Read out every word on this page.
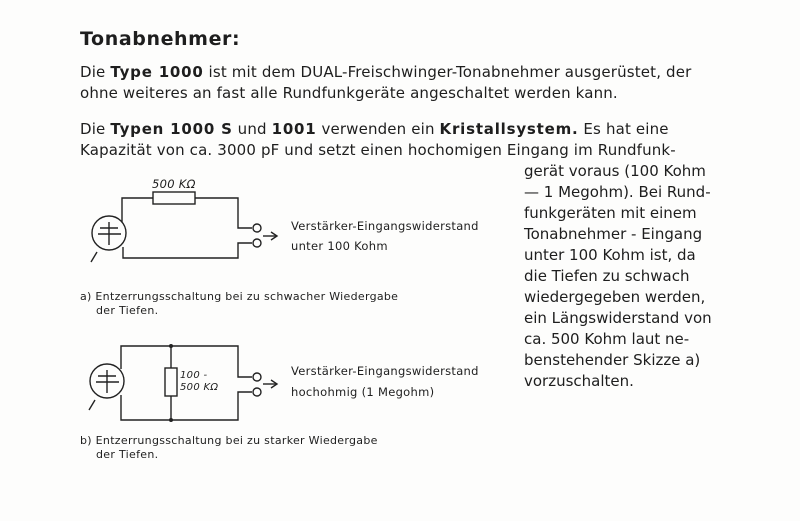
Tonabnehmer:
Die Type 1000 ist mit dem DUAL-Freischwinger-Tonabnehmer ausgerüstet, der
ohne weiteres an fast alle Rundfunkgeräte angeschaltet werden kann.
Die Typen 1000 S und 1001 verwenden ein Kristallsystem. Es hat eine
Kapazität von ca. 3000 pF und setzt einen hochomigen Eingang im Rundfunk-
gerät voraus (100 Kohm
— 1 Megohm). Bei Rund-
funkgeräten mit einem
Tonabnehmer - Eingang
unter 100 Kohm ist, da
die Tiefen zu schwach
wiedergegeben werden,
ein Längswiderstand von
ca. 500 Kohm laut ne-
benstehender Skizze a)
vorzuschalten.
500 KΩ
Verstärker-Eingangswiderstand
unter 100 Kohm
a) Entzerrungsschaltung bei zu schwacher Wiedergabe
der Tiefen.
100 -
500 KΩ
Verstärker-Eingangswiderstand
hochohmig (1 Megohm)
b) Entzerrungsschaltung bei zu starker Wiedergabe
der Tiefen.
